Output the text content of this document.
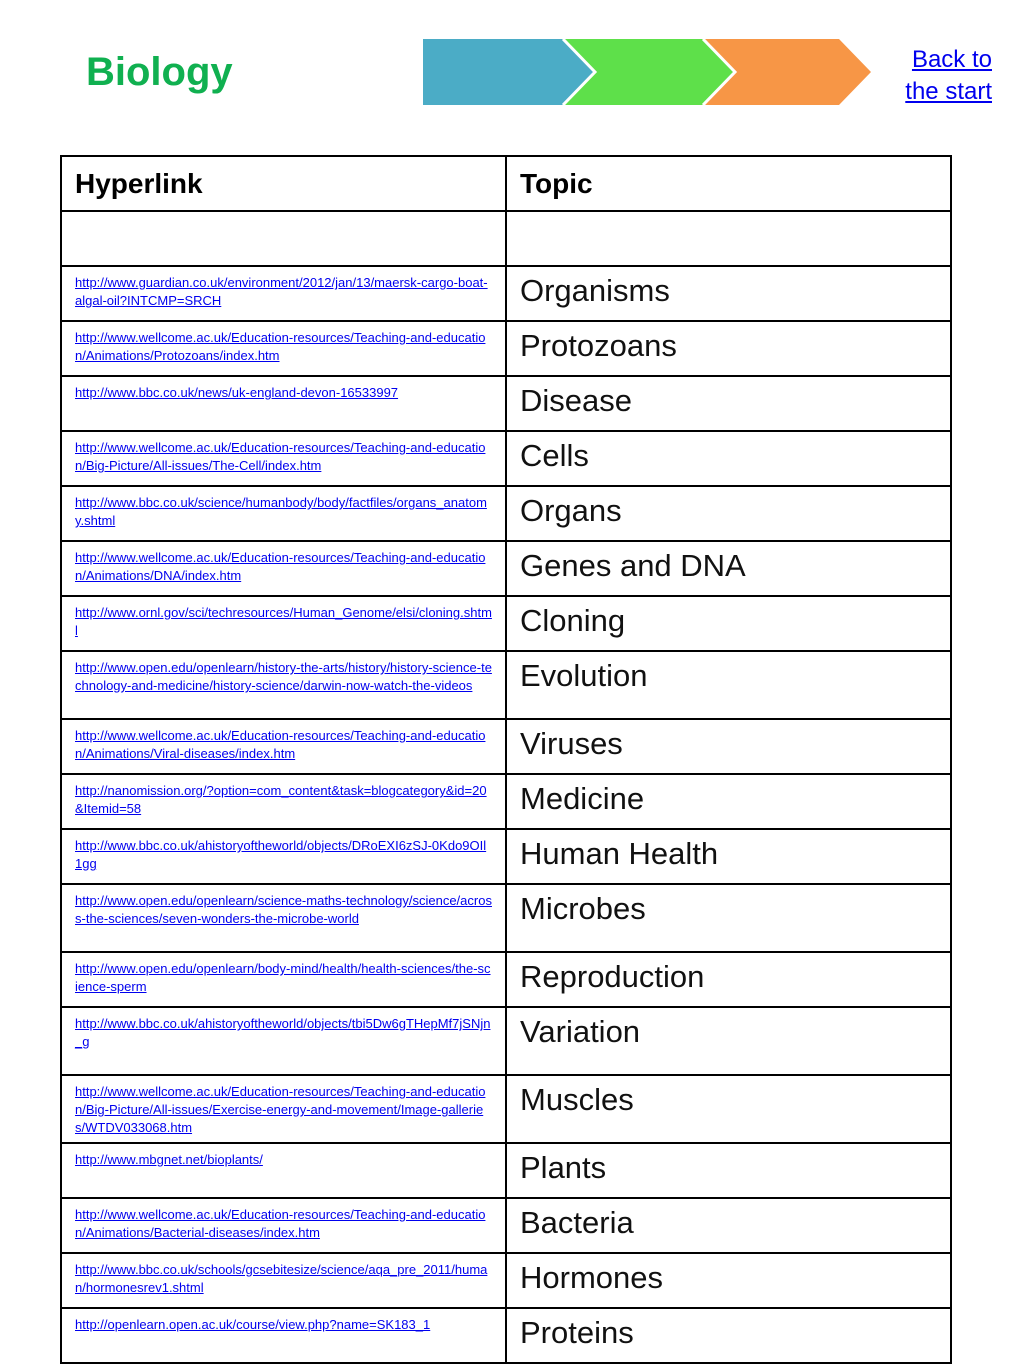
Biology	Back to
the start
Hyperlink	Topic

http://www.guardian.co.uk/environment/2012/jan/13/maersk-cargo-boat-algal-oil?INTCMP=SRCH	Organisms
http://www.wellcome.ac.uk/Education-resources/Teaching-and-education/Animations/Protozoans/index.htm	Protozoans
http://www.bbc.co.uk/news/uk-england-devon-16533997	Disease
http://www.wellcome.ac.uk/Education-resources/Teaching-and-education/Big-Picture/All-issues/The-Cell/index.htm	Cells
http://www.bbc.co.uk/science/humanbody/body/factfiles/organs_anatomy.shtml	Organs
http://www.wellcome.ac.uk/Education-resources/Teaching-and-education/Animations/DNA/index.htm	Genes and DNA
http://www.ornl.gov/sci/techresources/Human_Genome/elsi/cloning.shtml	Cloning
http://www.open.edu/openlearn/history-the-arts/history/history-science-technology-and-medicine/history-science/darwin-now-watch-the-videos	Evolution
http://www.wellcome.ac.uk/Education-resources/Teaching-and-education/Animations/Viral-diseases/index.htm	Viruses
http://nanomission.org/?option=com_content&task=blogcategory&id=20&Itemid=58	Medicine
http://www.bbc.co.uk/ahistoryoftheworld/objects/DRoEXI6zSJ-0Kdo9OIl1gg	Human Health
http://www.open.edu/openlearn/science-maths-technology/science/across-the-sciences/seven-wonders-the-microbe-world	Microbes
http://www.open.edu/openlearn/body-mind/health/health-sciences/the-science-sperm	Reproduction
http://www.bbc.co.uk/ahistoryoftheworld/objects/tbi5Dw6gTHepMf7jSNjn_g	Variation
http://www.wellcome.ac.uk/Education-resources/Teaching-and-education/Big-Picture/All-issues/Exercise-energy-and-movement/Image-galleries/WTDV033068.htm	Muscles
http://www.mbgnet.net/bioplants/	Plants
http://www.wellcome.ac.uk/Education-resources/Teaching-and-education/Animations/Bacterial-diseases/index.htm	Bacteria
http://www.bbc.co.uk/schools/gcsebitesize/science/aqa_pre_2011/human/hormonesrev1.shtml	Hormones
http://openlearn.open.ac.uk/course/view.php?name=SK183_1	Proteins
